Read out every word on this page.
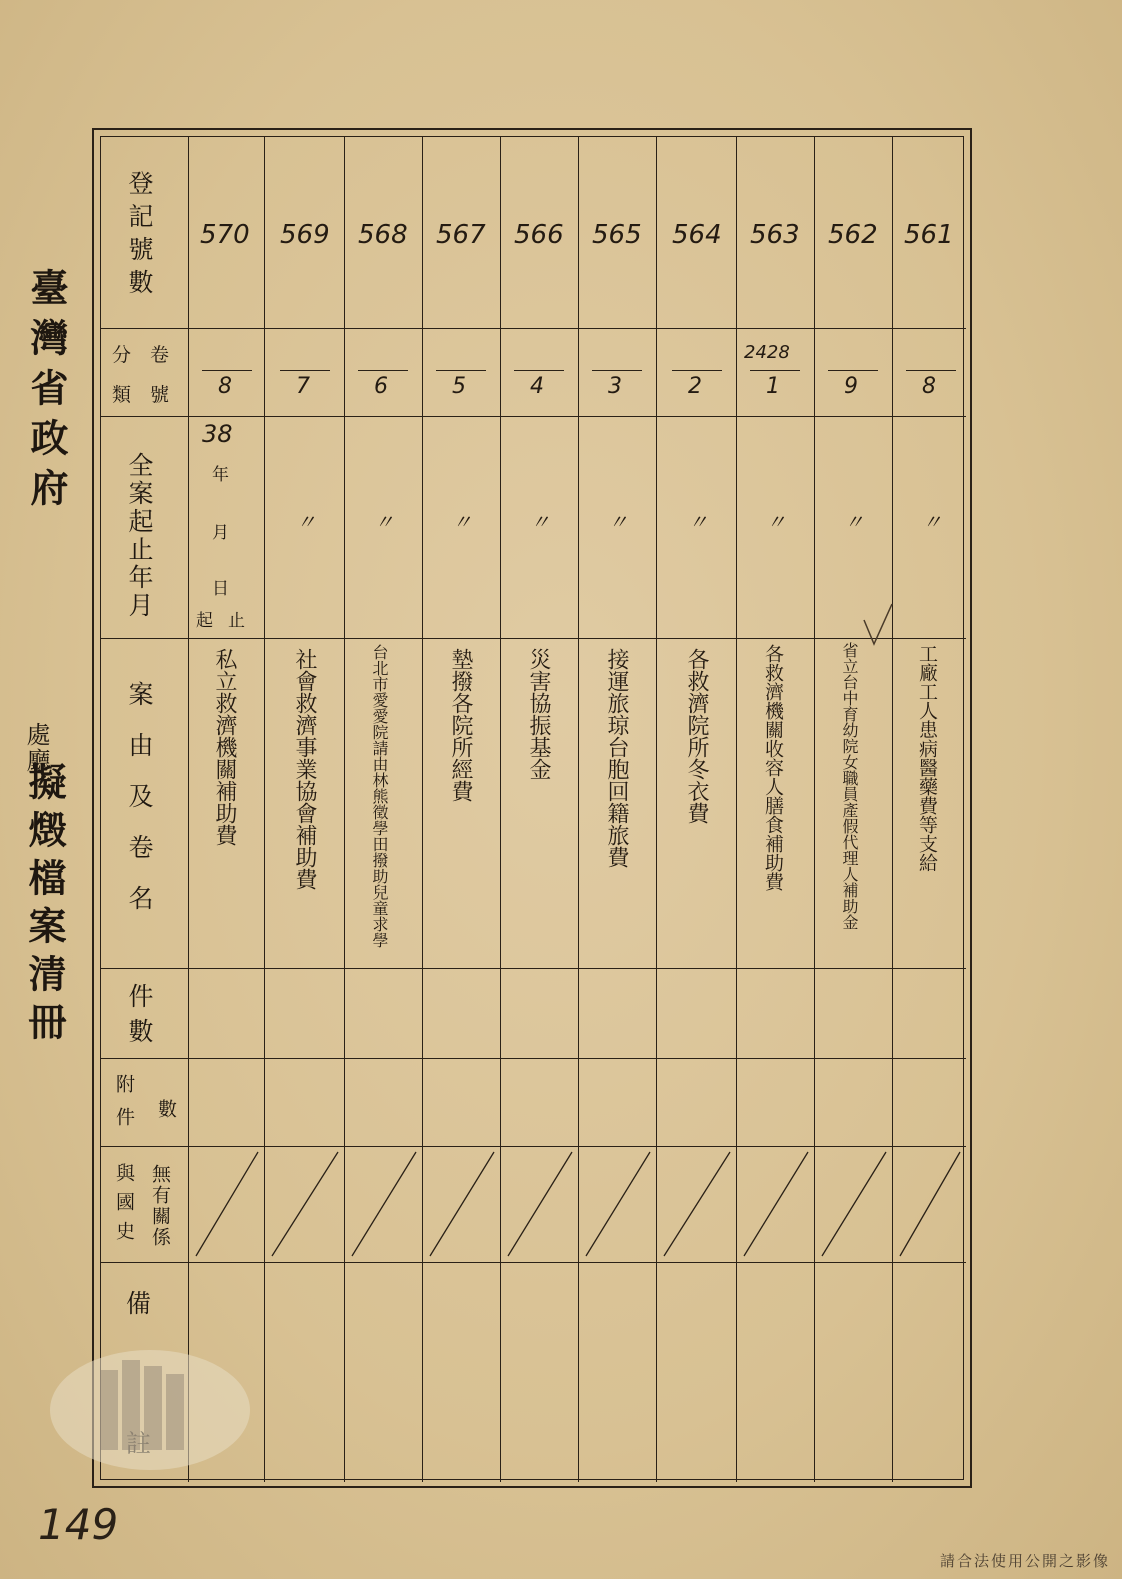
臺灣省政府
處廳
擬燬檔案清冊
登記號數
分
類
卷
號
全案起止年月
案由及卷名
件數
附件 數
與國史 無有關係
備
38
年
月
日
起 止
570
8
私立救濟機關補助費
569
7
〃
社會救濟事業協會補助費
568
6
〃
台北市愛愛院請由林熊徵學田撥助兒童求學
567
5
〃
墊撥各院所經費
566
4
〃
災害協振基金
565
3
〃
接運旅琼台胞回籍旅費
564
2
〃
各救濟院所冬衣費
563
2428
1
〃
各救濟機關收容人膳食補助費
562
9
〃
省立台中育幼院女職員產假代理人補助金
561
8
〃
工廠工人患病醫藥費等支給
149
請合法使用公開之影像
